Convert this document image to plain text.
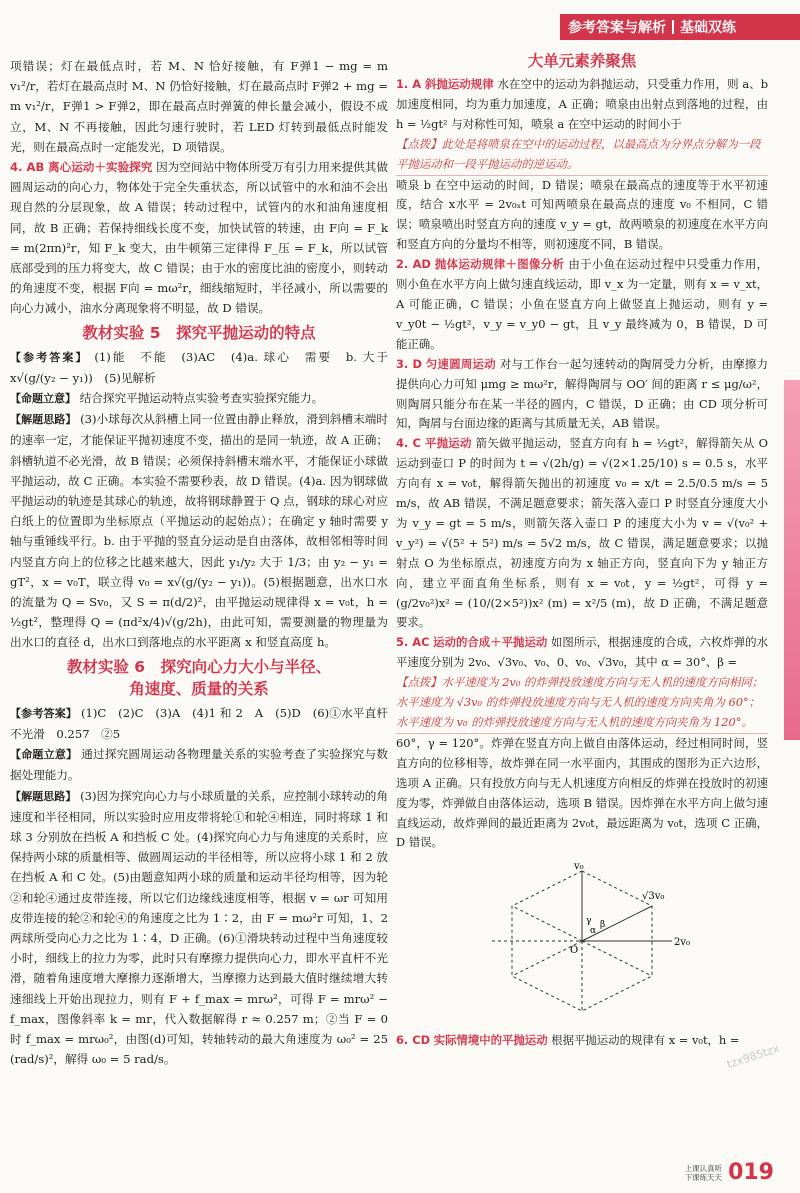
参考答案与解析 基础双练

项错误；灯在最低点时，若 M、N 恰好接触，有 F弹1 − mg = m v₁²/r，若灯在最高点时 M、N 仍恰好接触，灯在最高点时 F弹2 + mg = m v₁²/r，F弹1 > F弹2，即在最高点时弹簧的伸长量会减小，假设不成立，M、N 不再接触，因此匀速行驶时，若 LED 灯转到最低点时能发光，则在最高点时一定能发光，D 项错误。

4. AB 离心运动＋实验探究 因为空间站中物体所受万有引力用来提供其做圆周运动的向心力，物体处于完全失重状态，所以试管中的水和油不会出现自然的分层现象，故 A 错误；转动过程中，试管内的水和油角速度相同，故 B 正确；若保持细线长度不变，加快试管的转速，由 F向 = F_k = m(2πn)²r，知 F_k 变大，由牛顿第三定律得 F_压 = F_k，所以试管底部受到的压力将变大，故 C 错误；由于水的密度比油的密度小，则转动的角速度不变，根据 F向 = mω²r，细线缩短时，半径减小，所以需要的向心力减小，油水分离现象将不明显，故 D 错误。

教材实验 5　探究平抛运动的特点

【参考答案】 (1)能　不能　(3)AC　(4)a. 球心　需要　b. 大于　x√(g/(y₂ − y₁))　(5)见解析

【命题立意】 结合探究平抛运动特点实验考查实验探究能力。

【解题思路】 (3)小球每次从斜槽上同一位置由静止释放，滑到斜槽末端时的速率一定，才能保证平抛初速度不变，描出的是同一轨迹，故 A 正确；斜槽轨道不必光滑，故 B 错误；必须保持斜槽末端水平，才能保证小球做平抛运动，故 C 正确。本实验不需要秒表，故 D 错误。(4)a. 因为钢球做平抛运动的轨迹是其球心的轨迹，故将钢球静置于 Q 点，钢球的球心对应白纸上的位置即为坐标原点（平抛运动的起始点）；在确定 y 轴时需要 y 轴与重锤线平行。b. 由于平抛的竖直分运动是自由落体，故相邻相等时间内竖直方向上的位移之比越来越大，因此 y₁/y₂ 大于 1/3；由 y₂ − y₁ = gT²，x = v₀T，联立得 v₀ = x√(g/(y₂ − y₁))。(5)根据题意，出水口水的流量为 Q = Sv₀，又 S = π(d/2)²，由平抛运动规律得 x = v₀t，h = ½gt²，整理得 Q = (πd²x/4)√(g/2h)，由此可知，需要测量的物理量为出水口的直径 d，出水口到落地点的水平距离 x 和竖直高度 h。

教材实验 6　探究向心力大小与半径、
角速度、质量的关系

【参考答案】 (1)C　(2)C　(3)A　(4)1 和 2　A　(5)D　(6)①水平直杆不光滑　0.257　②5

【命题立意】 通过探究圆周运动各物理量关系的实验考查了实验探究与数据处理能力。

【解题思路】 (3)因为探究向心力与小球质量的关系，应控制小球转动的角速度和半径相同，所以实验时应用皮带将轮①和轮④相连，同时将球 1 和球 3 分别放在挡板 A 和挡板 C 处。(4)探究向心力与角速度的关系时，应保持两小球的质量相等、做圆周运动的半径相等，所以应将小球 1 和 2 放在挡板 A 和 C 处。(5)由题意知两小球的质量和运动半径均相等，因为轮②和轮④通过皮带连接，所以它们边缘线速度相等，根据 v = ωr 可知用皮带连接的轮②和轮④的角速度之比为 1∶2，由 F = mω²r 可知，1、2 两球所受向心力之比为 1∶4，D 正确。(6)①滑块转动过程中当角速度较小时，细线上的拉力为零，此时只有摩擦力提供向心力，即水平直杆不光滑，随着角速度增大摩擦力逐渐增大，当摩擦力达到最大值时继续增大转速细线上开始出现拉力，则有 F + f_max = mrω²，可得 F = mrω² − f_max，图像斜率 k = mr，代入数据解得 r ≈ 0.257 m；②当 F = 0 时 f_max = mrω₀²，由图(d)可知，转轴转动的最大角速度为 ω₀² = 25 (rad/s)²，解得 ω₀ = 5 rad/s。

大单元素养聚焦

1. A 斜抛运动规律 水在空中的运动为斜抛运动，只受重力作用，则 a、b 加速度相同，均为重力加速度，A 正确；喷泉由出射点到落地的过程，由 h = ½gt² 与对称性可知，喷泉 a 在空中运动的时间小于

【点拨】此处是将喷泉在空中的运动过程，以最高点为分界点分解为一段平抛运动和一段平抛运动的逆运动。

喷泉 b 在空中运动的时间，D 错误；喷泉在最高点的速度等于水平初速度，结合 x水平 = 2v₀ₓt 可知两喷泉在最高点的速度 v₀ 不相同，C 错误；喷泉喷出时竖直方向的速度 v_y = gt，故两喷泉的初速度在水平方向和竖直方向的分量均不相等，则初速度不同，B 错误。

2. AD 抛体运动规律＋图像分析 由于小鱼在运动过程中只受重力作用，则小鱼在水平方向上做匀速直线运动，即 v_x 为一定量，则有 x = v_xt，A 可能正确，C 错误；小鱼在竖直方向上做竖直上抛运动，则有 y = v_y0t − ½gt²，v_y = v_y0 − gt，且 v_y 最终减为 0，B 错误，D 可能正确。

3. D 匀速圆周运动 对与工作台一起匀速转动的陶屑受力分析，由摩擦力提供向心力可知 μmg ≥ mω²r，解得陶屑与 OO′ 间的距离 r ≤ μg/ω²，则陶屑只能分布在某一半径的圆内，C 错误，D 正确；由 CD 项分析可知，陶屑与台面边缘的距离与其质量无关，AB 错误。

4. C 平抛运动 箭矢做平抛运动，竖直方向有 h = ½gt²，解得箭矢从 O 运动到壶口 P 的时间为 t = √(2h/g) = √(2×1.25/10) s = 0.5 s，水平方向有 x = v₀t，解得箭矢抛出的初速度 v₀ = x/t = 2.5/0.5 m/s = 5 m/s，故 AB 错误，不满足题意要求；箭矢落入壶口 P 时竖直分速度大小为 v_y = gt = 5 m/s，则箭矢落入壶口 P 的速度大小为 v = √(v₀² + v_y²) = √(5² + 5²) m/s = 5√2 m/s，故 C 错误，满足题意要求；以抛射点 O 为坐标原点，初速度方向为 x 轴正方向，竖直向下为 y 轴正方向，建立平面直角坐标系，则有 x = v₀t，y = ½gt²，可得 y = (g/2v₀²)x² = (10/(2×5²))x² (m) = x²/5 (m)，故 D 正确，不满足题意要求。

5. AC 运动的合成＋平抛运动 如图所示，根据速度的合成，六枚炸弹的水平速度分别为 2v₀、√3v₀、v₀、0、v₀、√3v₀，其中 α = 30°、β =

【点拨】水平速度为 2v₀ 的炸弹投放速度方向与无人机的速度方向相同；水平速度为 √3v₀ 的炸弹投放速度方向与无人机的速度方向夹角为 60°；水平速度为 v₀ 的炸弹投放速度方向与无人机的速度方向夹角为 120°。

60°，γ = 120°。炸弹在竖直方向上做自由落体运动，经过相同时间，竖直方向的位移相等，故炸弹在同一水平面内，其围成的图形为正六边形，选项 A 正确。只有投放方向与无人机速度方向相反的炸弹在投放时的初速度为零，炸弹做自由落体运动，选项 B 错误。因炸弹在水平方向上做匀速直线运动，故炸弹间的最近距离为 2v₀t，最远距离为 v₀t，选项 C 正确，D 错误。

v₀
√3v₀
2v₀
O
α
β
γ

6. CD 实际情境中的平抛运动 根据平抛运动的规律有 x = v₀t，h =

tzx985tzx
上课认真听
下课练天天 019
